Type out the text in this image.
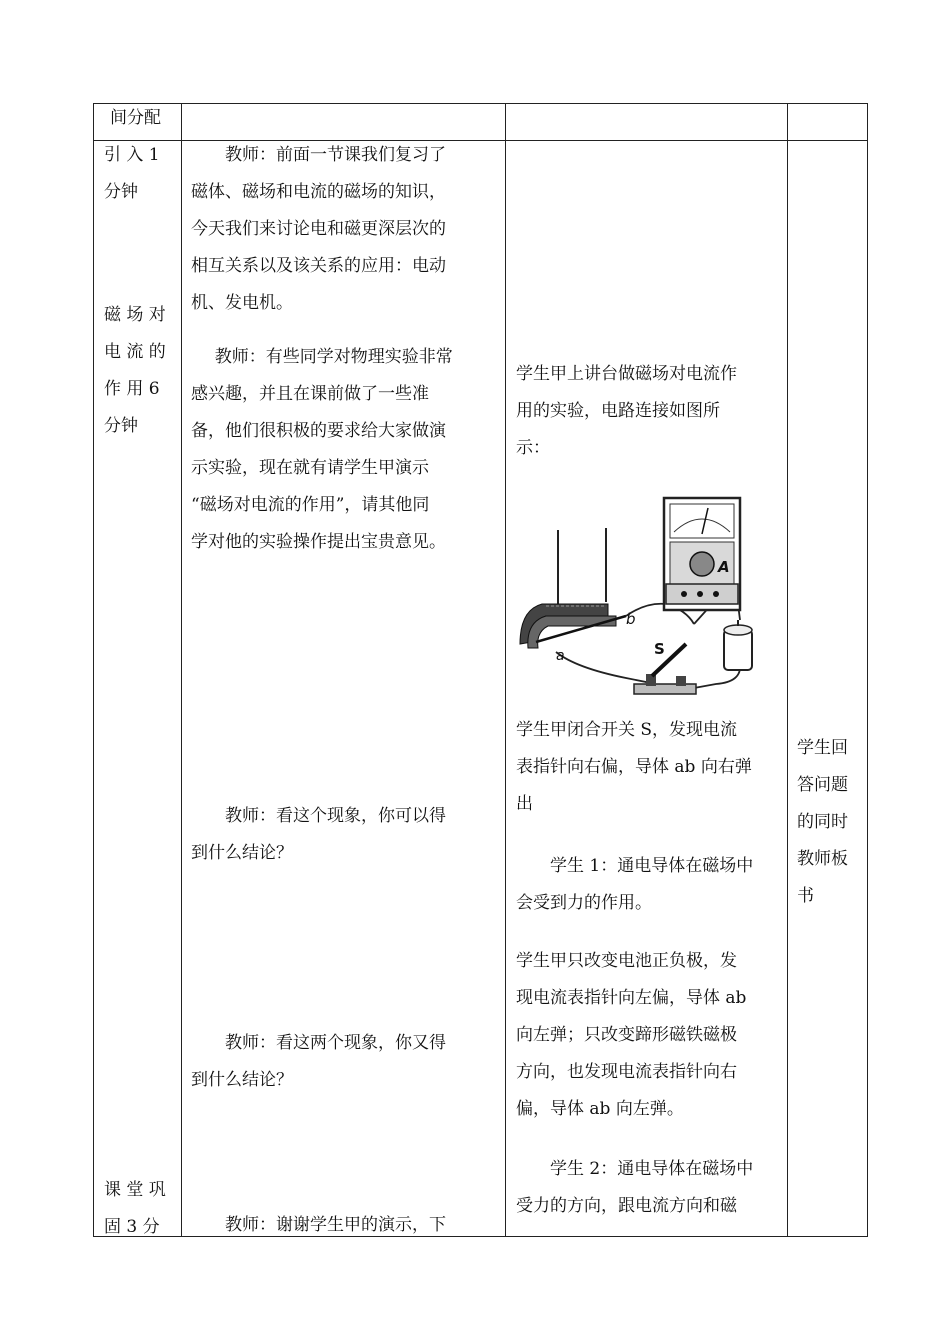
间分配

引 入 1

分钟

磁 场 对

电 流 的

作 用 6

分钟

课 堂 巩

固 3 分

教师：前面一节课我们复习了

磁体、磁场和电流的磁场的知识，

今天我们来讨论电和磁更深层次的

相互关系以及该关系的应用：电动

机、发电机。

教师：有些同学对物理实验非常

感兴趣，并且在课前做了一些准

备，他们很积极的要求给大家做演

示实验，现在就有请学生甲演示

“磁场对电流的作用”，请其他同

学对他的实验操作提出宝贵意见。

教师：看这个现象，你可以得

到什么结论？

教师：看这两个现象，你又得

到什么结论？

教师：谢谢学生甲的演示，下

学生甲上讲台做磁场对电流作

用的实验，电路连接如图所

示：

A
a
b
S

学生甲闭合开关 S，发现电流

表指针向右偏，导体 ab 向右弹

出

学生 1：通电导体在磁场中

会受到力的作用。

学生甲只改变电池正负极，发

现电流表指针向左偏，导体 ab

向左弹；只改变蹄形磁铁磁极

方向，也发现电流表指针向右

偏，导体 ab 向左弹。

学生 2：通电导体在磁场中

受力的方向，跟电流方向和磁

学生回

答问题

的同时

教师板

书
